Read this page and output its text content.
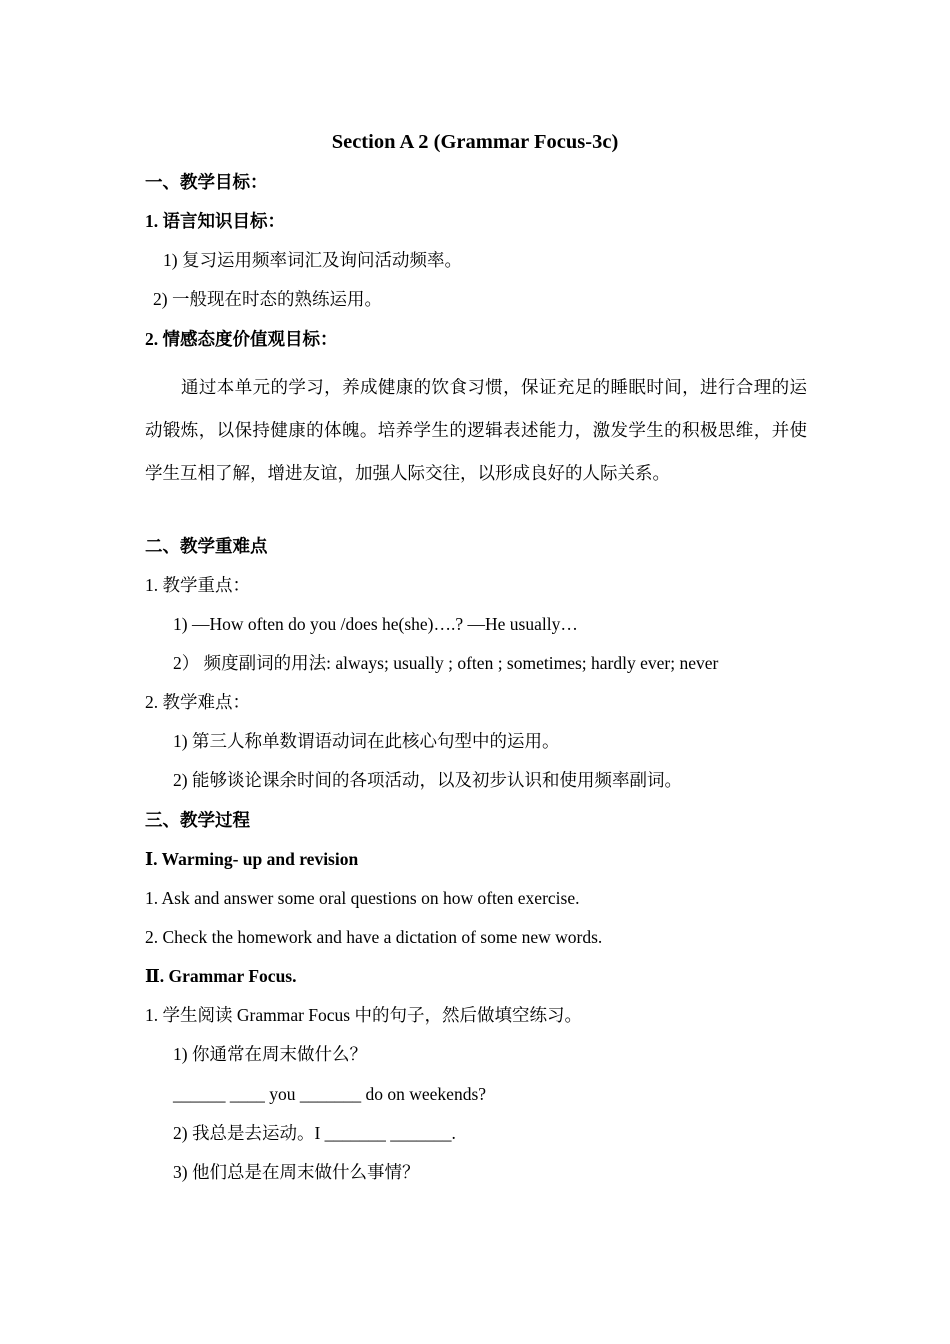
Section A 2 (Grammar Focus-3c)
一、教学目标：
1. 语言知识目标：
1) 复习运用频率词汇及询问活动频率。
2) 一般现在时态的熟练运用。
2. 情感态度价值观目标：
通过本单元的学习，养成健康的饮食习惯，保证充足的睡眠时间，进行合理的运动锻炼，以保持健康的体魄。培养学生的逻辑表述能力，激发学生的积极思维，并使学生互相了解，增进友谊，加强人际交往，以形成良好的人际关系。
二、教学重难点
1. 教学重点：
1) —How often do you /does he(she)….? —He usually…
2） 频度副词的用法: always; usually ; often ; sometimes; hardly ever; never
2. 教学难点：
1) 第三人称单数谓语动词在此核心句型中的运用。
2) 能够谈论课余时间的各项活动，以及初步认识和使用频率副词。
三、教学过程
Ⅰ. Warming- up and revision
1. Ask and answer some oral questions on how often exercise.
2. Check the homework and have a dictation of some new words.
Ⅱ. Grammar Focus.
1. 学生阅读 Grammar Focus 中的句子，然后做填空练习。
1) 你通常在周末做什么？
______ ____ you _______ do on weekends?
2) 我总是去运动。I _______ _______.
3) 他们总是在周末做什么事情？
